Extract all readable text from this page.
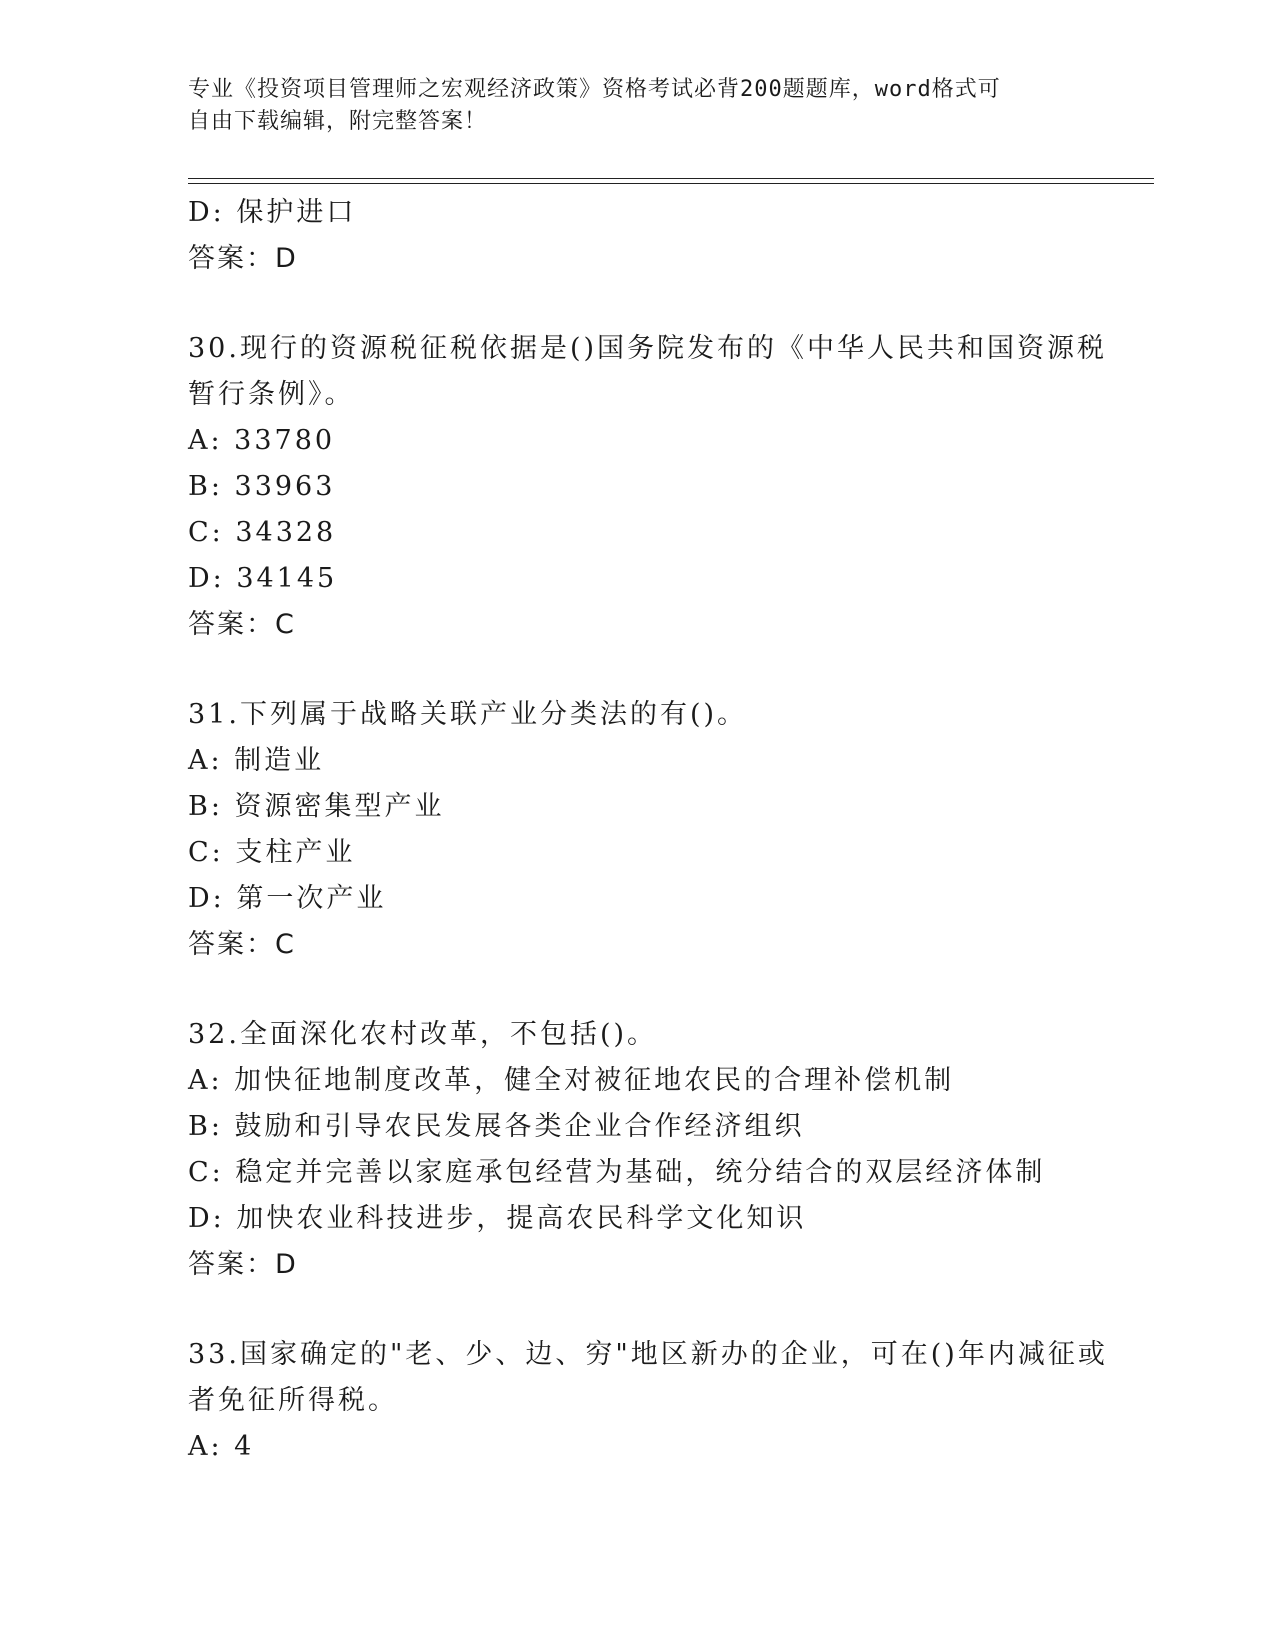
专业《投资项目管理师之宏观经济政策》资格考试必背200题题库，word格式可
自由下载编辑，附完整答案！
D: 保护进口
答案：D
30.现行的资源税征税依据是()国务院发布的《中华人民共和国资源税
暂行条例》。
A: 33780
B: 33963
C: 34328
D: 34145
答案：C
31.下列属于战略关联产业分类法的有()。
A: 制造业
B: 资源密集型产业
C: 支柱产业
D: 第一次产业
答案：C
32.全面深化农村改革，不包括()。
A: 加快征地制度改革，健全对被征地农民的合理补偿机制
B: 鼓励和引导农民发展各类企业合作经济组织
C: 稳定并完善以家庭承包经营为基础，统分结合的双层经济体制
D: 加快农业科技进步，提高农民科学文化知识
答案：D
33.国家确定的"老、少、边、穷"地区新办的企业，可在()年内减征或
者免征所得税。
A: 4
